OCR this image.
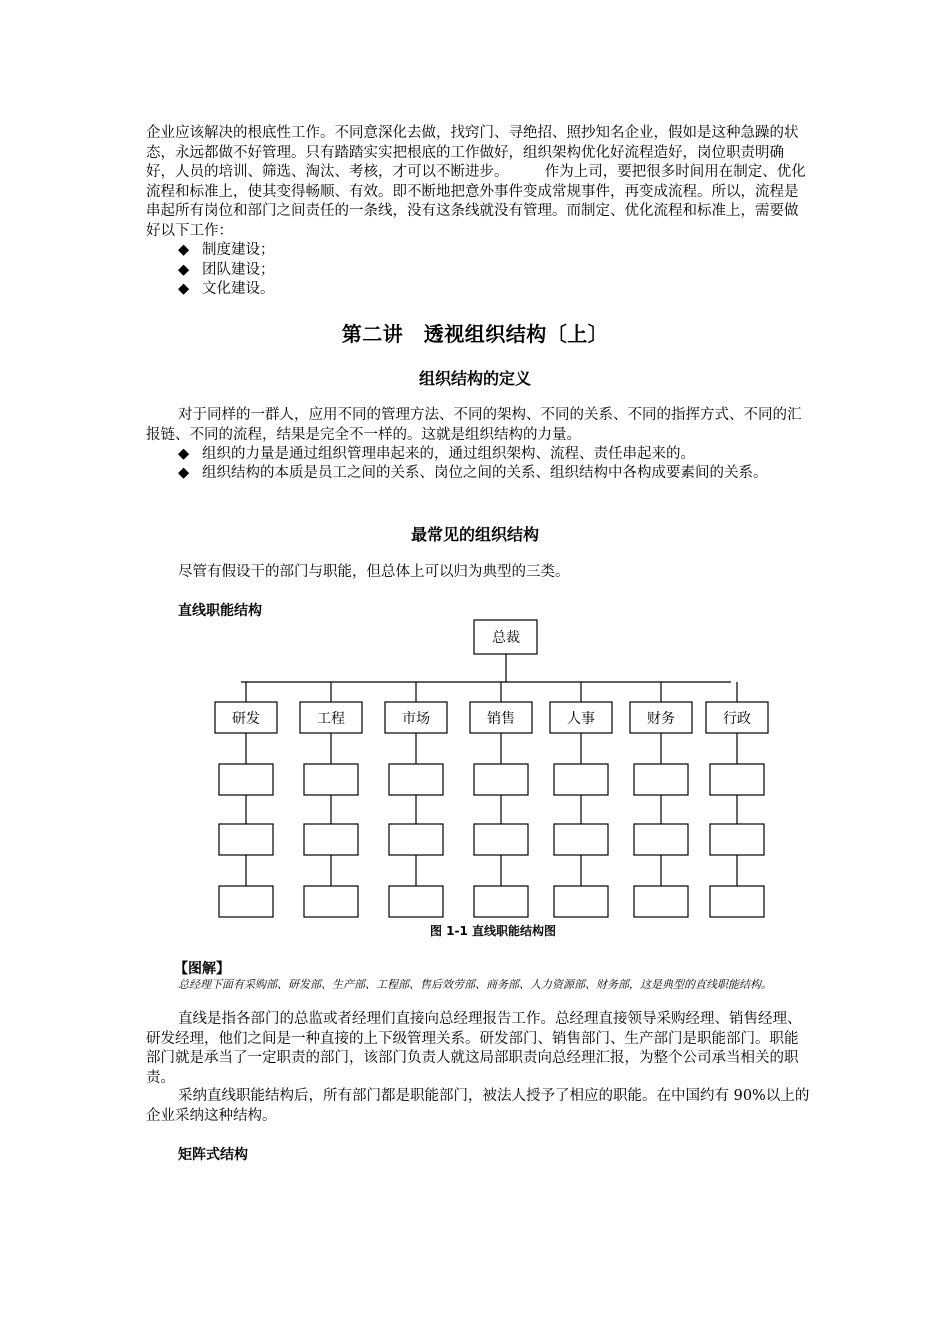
企业应该解决的根底性工作。不同意深化去做，找窍门、寻绝招、照抄知名企业，假如是这种急躁的状态，永远都做不好管理。只有踏踏实实把根底的工作做好，组织架构优化好流程造好，岗位职责明确好，人员的培训、筛选、淘汰、考核，才可以不断进步。　　　作为上司，要把很多时间用在制定、优化流程和标准上，使其变得畅顺、有效。即不断地把意外事件变成常规事件，再变成流程。所以，流程是串起所有岗位和部门之间责任的一条线，没有这条线就没有管理。而制定、优化流程和标准上，需要做好以下工作：

◆ 制度建设；
◆ 团队建设；
◆ 文化建设。
第二讲　透视组织结构〔上〕
组织结构的定义

对于同样的一群人，应用不同的管理方法、不同的架构、不同的关系、不同的指挥方式、不同的汇报链、不同的流程，结果是完全不一样的。这就是组织结构的力量。

◆ 组织的力量是通过组织管理串起来的，通过组织架构、流程、责任串起来的。

◆ 组织结构的本质是员工之间的关系、岗位之间的关系、组织结构中各构成要素间的关系。

最常见的组织结构

尽管有假设干的部门与职能，但总体上可以归为典型的三类。

直线职能结构
总裁
研发	工程	市场	销售	人事	财务	行政

图 1-1 直线职能结构图

【图解】

总经理下面有采购部、研发部、生产部、工程部、售后效劳部、商务部、人力资源部、财务部，这是典型的直线职能结构。

直线是指各部门的总监或者经理们直接向总经理报告工作。总经理直接领导采购经理、销售经理、研发经理，他们之间是一种直接的上下级管理关系。研发部门、销售部门、生产部门是职能部门。职能部门就是承当了一定职责的部门，该部门负责人就这局部职责向总经理汇报，为整个公司承当相关的职责。

采纳直线职能结构后，所有部门都是职能部门，被法人授予了相应的职能。在中国约有 90%以上的企业采纳这种结构。

矩阵式结构
